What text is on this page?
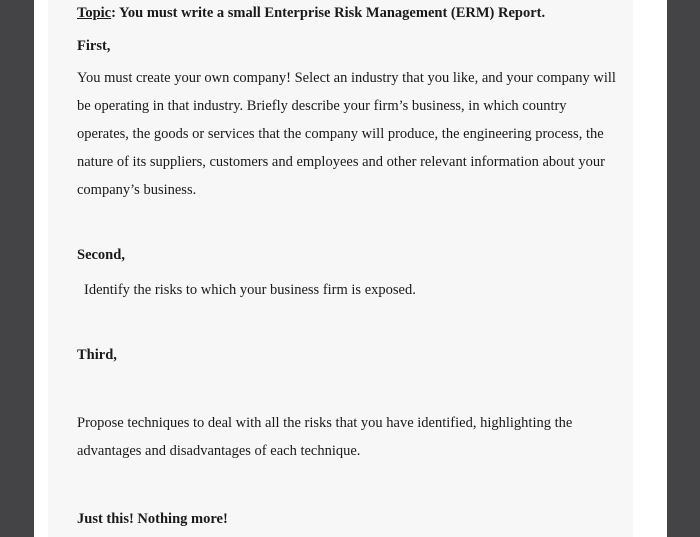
Topic: You must write a small Enterprise Risk Management (ERM) Report.
First,
You must create your own company! Select an industry that you like, and your company will
be operating in that industry. Briefly describe your firm’s business, in which country
operates, the goods or services that the company will produce, the engineering process, the
nature of its suppliers, customers and employees and other relevant information about your
company’s business.
Second,
Identify the risks to which your business firm is exposed.
Third,
Propose techniques to deal with all the risks that you have identified, highlighting the
advantages and disadvantages of each technique.
Just this! Nothing more!
